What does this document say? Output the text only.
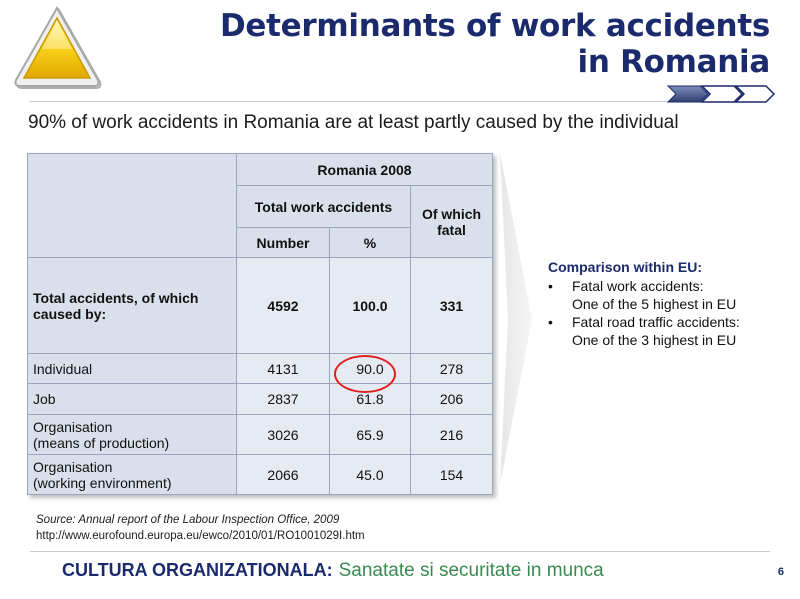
Determinants of work accidents
in Romania
90% of work accidents in Romania are at least partly caused by the individual
	Romania 2008		
	Total work accidents		Of which fatal
	Number	%	
Total accidents, of which caused by:	4592	100.0	331
Individual	4131	90.0	278
Job	2837	61.8	206

Organisation
(means of production)	3026	65.9	216

Organisation
(working environment)	2066	45.0	154
Comparison within EU:
• Fatal work accidents:
One of the 5 highest in EU
• Fatal road traffic accidents:
One of the 3 highest in EU
Source: Annual report of the Labour Inspection Office, 2009
http://www.eurofound.europa.eu/ewco/2010/01/RO1001029I.htm
CULTURA ORGANIZATIONALA: Sanatate si securitate in munca	6
